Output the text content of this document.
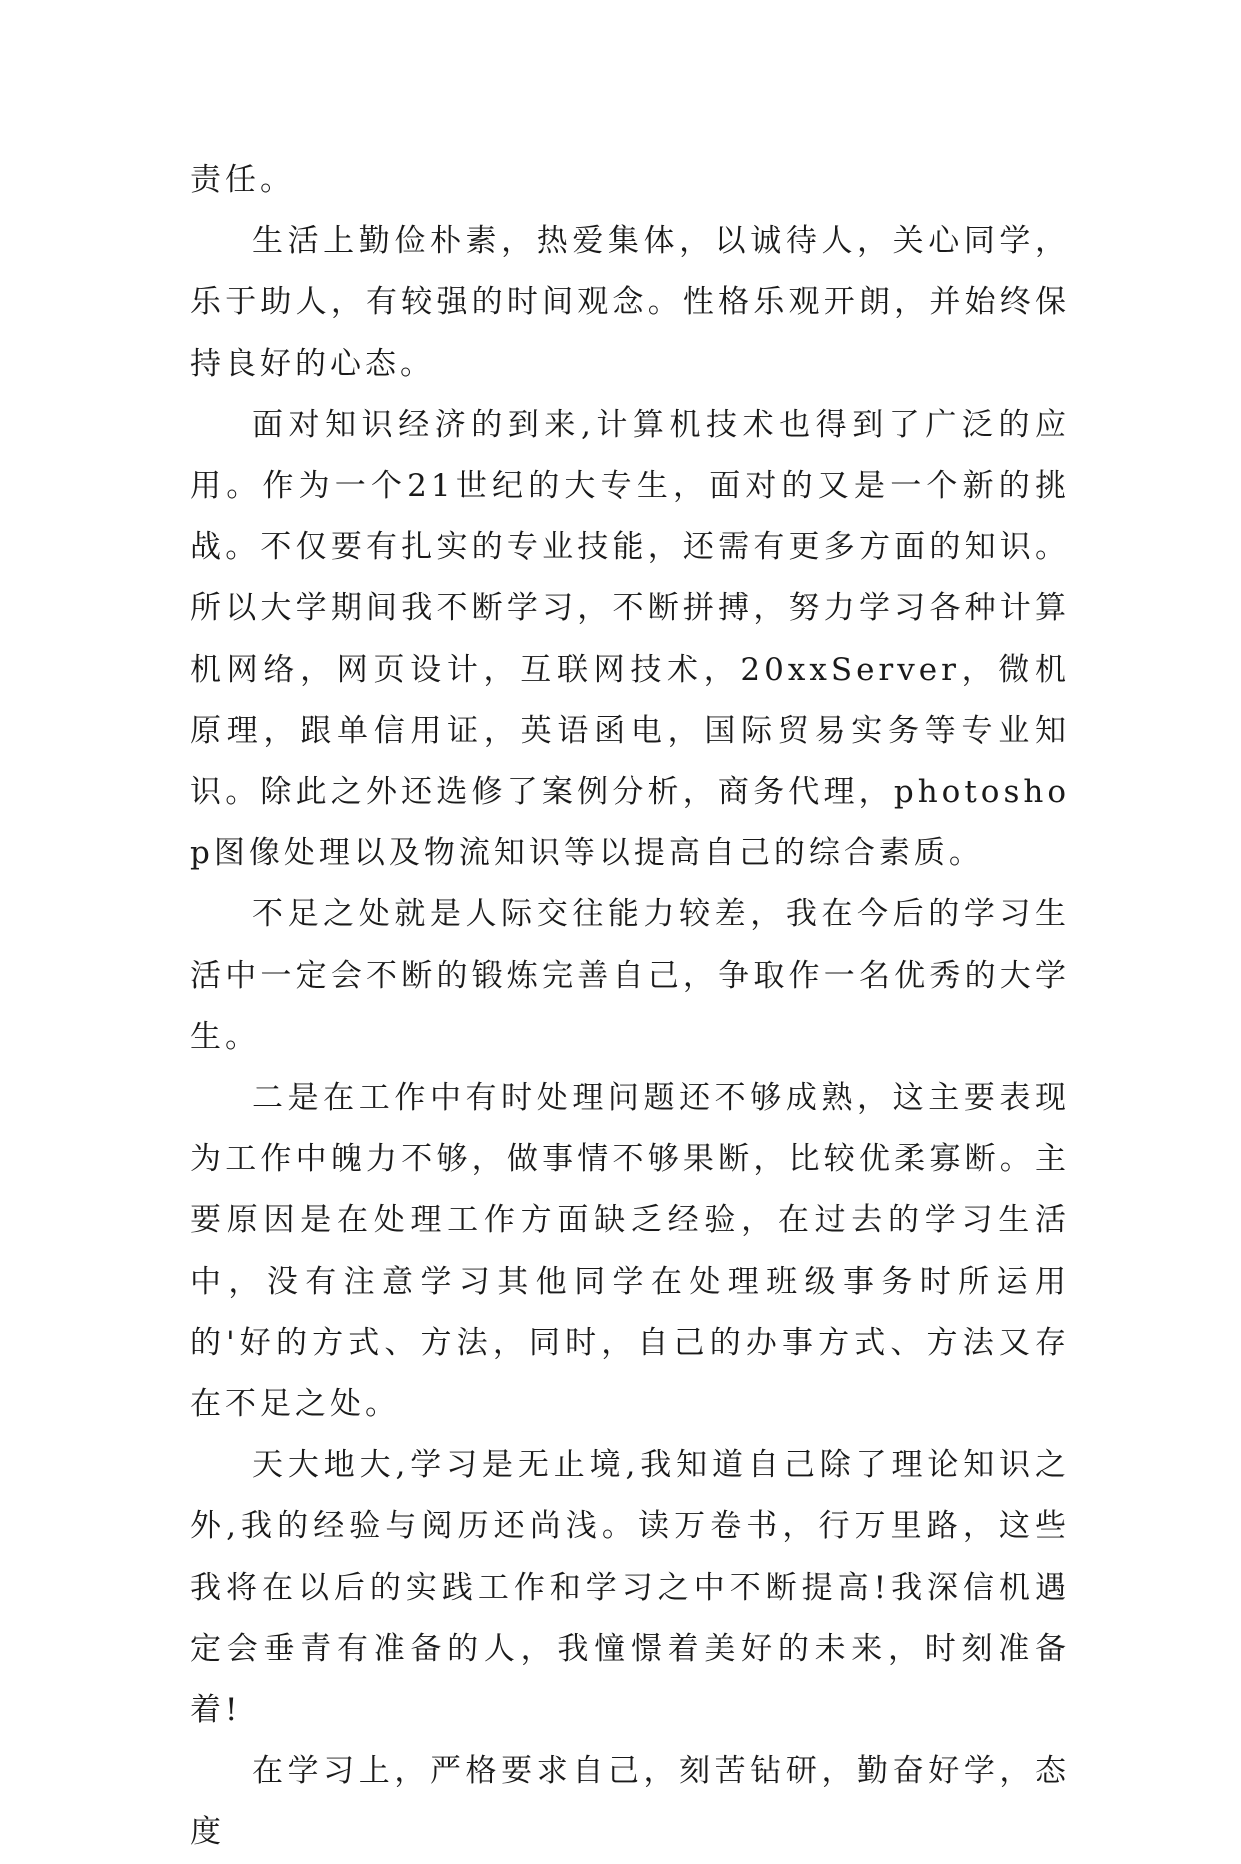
责任。

生活上勤俭朴素，热爱集体，以诚待人，关心同学，乐于助人，有较强的时间观念。性格乐观开朗，并始终保持良好的心态。

面对知识经济的到来,计算机技术也得到了广泛的应用。作为一个21世纪的大专生，面对的又是一个新的挑战。不仅要有扎实的专业技能，还需有更多方面的知识。所以大学期间我不断学习，不断拼搏，努力学习各种计算机网络，网页设计，互联网技术，20xxServer，微机原理，跟单信用证，英语函电，国际贸易实务等专业知识。除此之外还选修了案例分析，商务代理，photoshop图像处理以及物流知识等以提高自己的综合素质。

不足之处就是人际交往能力较差，我在今后的学习生活中一定会不断的锻炼完善自己，争取作一名优秀的大学生。

二是在工作中有时处理问题还不够成熟，这主要表现为工作中魄力不够，做事情不够果断，比较优柔寡断。主要原因是在处理工作方面缺乏经验，在过去的学习生活中，没有注意学习其他同学在处理班级事务时所运用的'好的方式、方法，同时，自己的办事方式、方法又存在不足之处。

天大地大,学习是无止境,我知道自己除了理论知识之外,我的经验与阅历还尚浅。读万卷书，行万里路，这些我将在以后的实践工作和学习之中不断提高!我深信机遇定会垂青有准备的人，我憧憬着美好的未来，时刻准备着!

在学习上，严格要求自己，刻苦钻研，勤奋好学，态度
